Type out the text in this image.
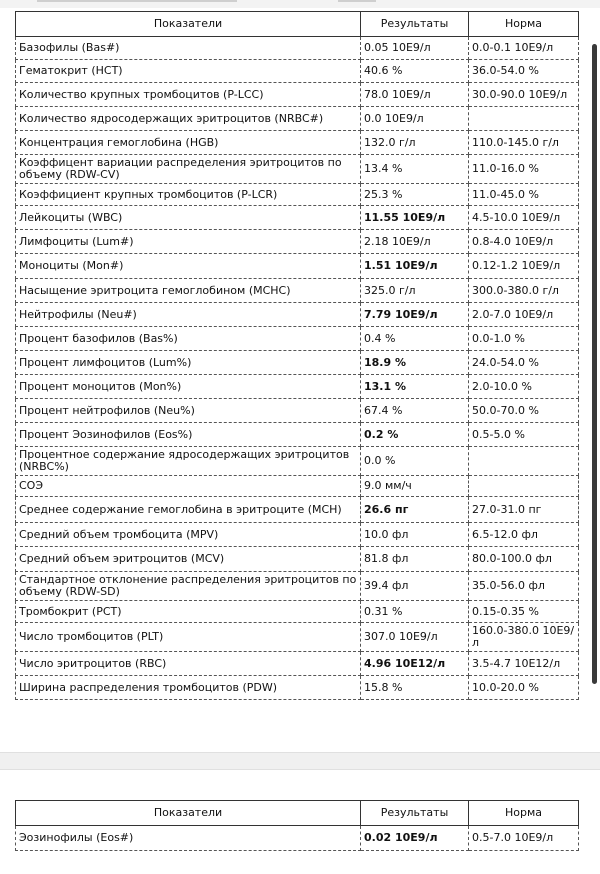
Показатели	Результаты	Норма
Базофилы (Bas#)	0.05 10E9/л	0.0-0.1 10E9/л
Гематокрит (HCT)	40.6 %	36.0-54.0 %
Количество крупных тромбоцитов (P-LCC)	78.0 10E9/л	30.0-90.0 10E9/л
Количество ядросодержащих эритроцитов (NRBC#)	0.0 10E9/л	
Концентрация гемоглобина (HGB)	132.0 г/л	110.0-145.0 г/л
Коэффицент вариации распределения эритроцитов по объему (RDW-CV)	13.4 %	11.0-16.0 %
Коэффициент крупных тромбоцитов (P-LCR)	25.3 %	11.0-45.0 %
Лейкоциты (WBC)	11.55 10E9/л	4.5-10.0 10E9/л
Лимфоциты (Lum#)	2.18 10E9/л	0.8-4.0 10E9/л
Моноциты (Mon#)	1.51 10E9/л	0.12-1.2 10E9/л
Насыщение эритроцита гемоглобином (MCHC)	325.0 г/л	300.0-380.0 г/л
Нейтрофилы (Neu#)	7.79 10E9/л	2.0-7.0 10E9/л
Процент базофилов (Bas%)	0.4 %	0.0-1.0 %
Процент лимфоцитов (Lum%)	18.9 %	24.0-54.0 %
Процент моноцитов (Mon%)	13.1 %	2.0-10.0 %
Процент нейтрофилов (Neu%)	67.4 %	50.0-70.0 %
Процент Эозинофилов (Eos%)	0.2 %	0.5-5.0 %
Процентное содержание ядросодержащих эритроцитов (NRBC%)	0.0 %	
СОЭ	9.0 мм/ч	
Среднее содержание гемоглобина в эритроците (MCH)	26.6 пг	27.0-31.0 пг
Средний объем тромбоцита (MPV)	10.0 фл	6.5-12.0 фл
Средний объем эритроцитов (MCV)	81.8 фл	80.0-100.0 фл
Стандартное отклонение распределения эритроцитов по объему (RDW-SD)	39.4 фл	35.0-56.0 фл
Тромбокрит (PCT)	0.31 %	0.15-0.35 %
Число тромбоцитов (PLT)	307.0 10E9/л	160.0-380.0 10E9/л
Число эритроцитов (RBC)	4.96 10E12/л	3.5-4.7 10E12/л
Ширина распределения тромбоцитов (PDW)	15.8 %	10.0-20.0 %
Показатели	Результаты	Норма
Эозинофилы (Eos#)	0.02 10E9/л	0.5-7.0 10E9/л
